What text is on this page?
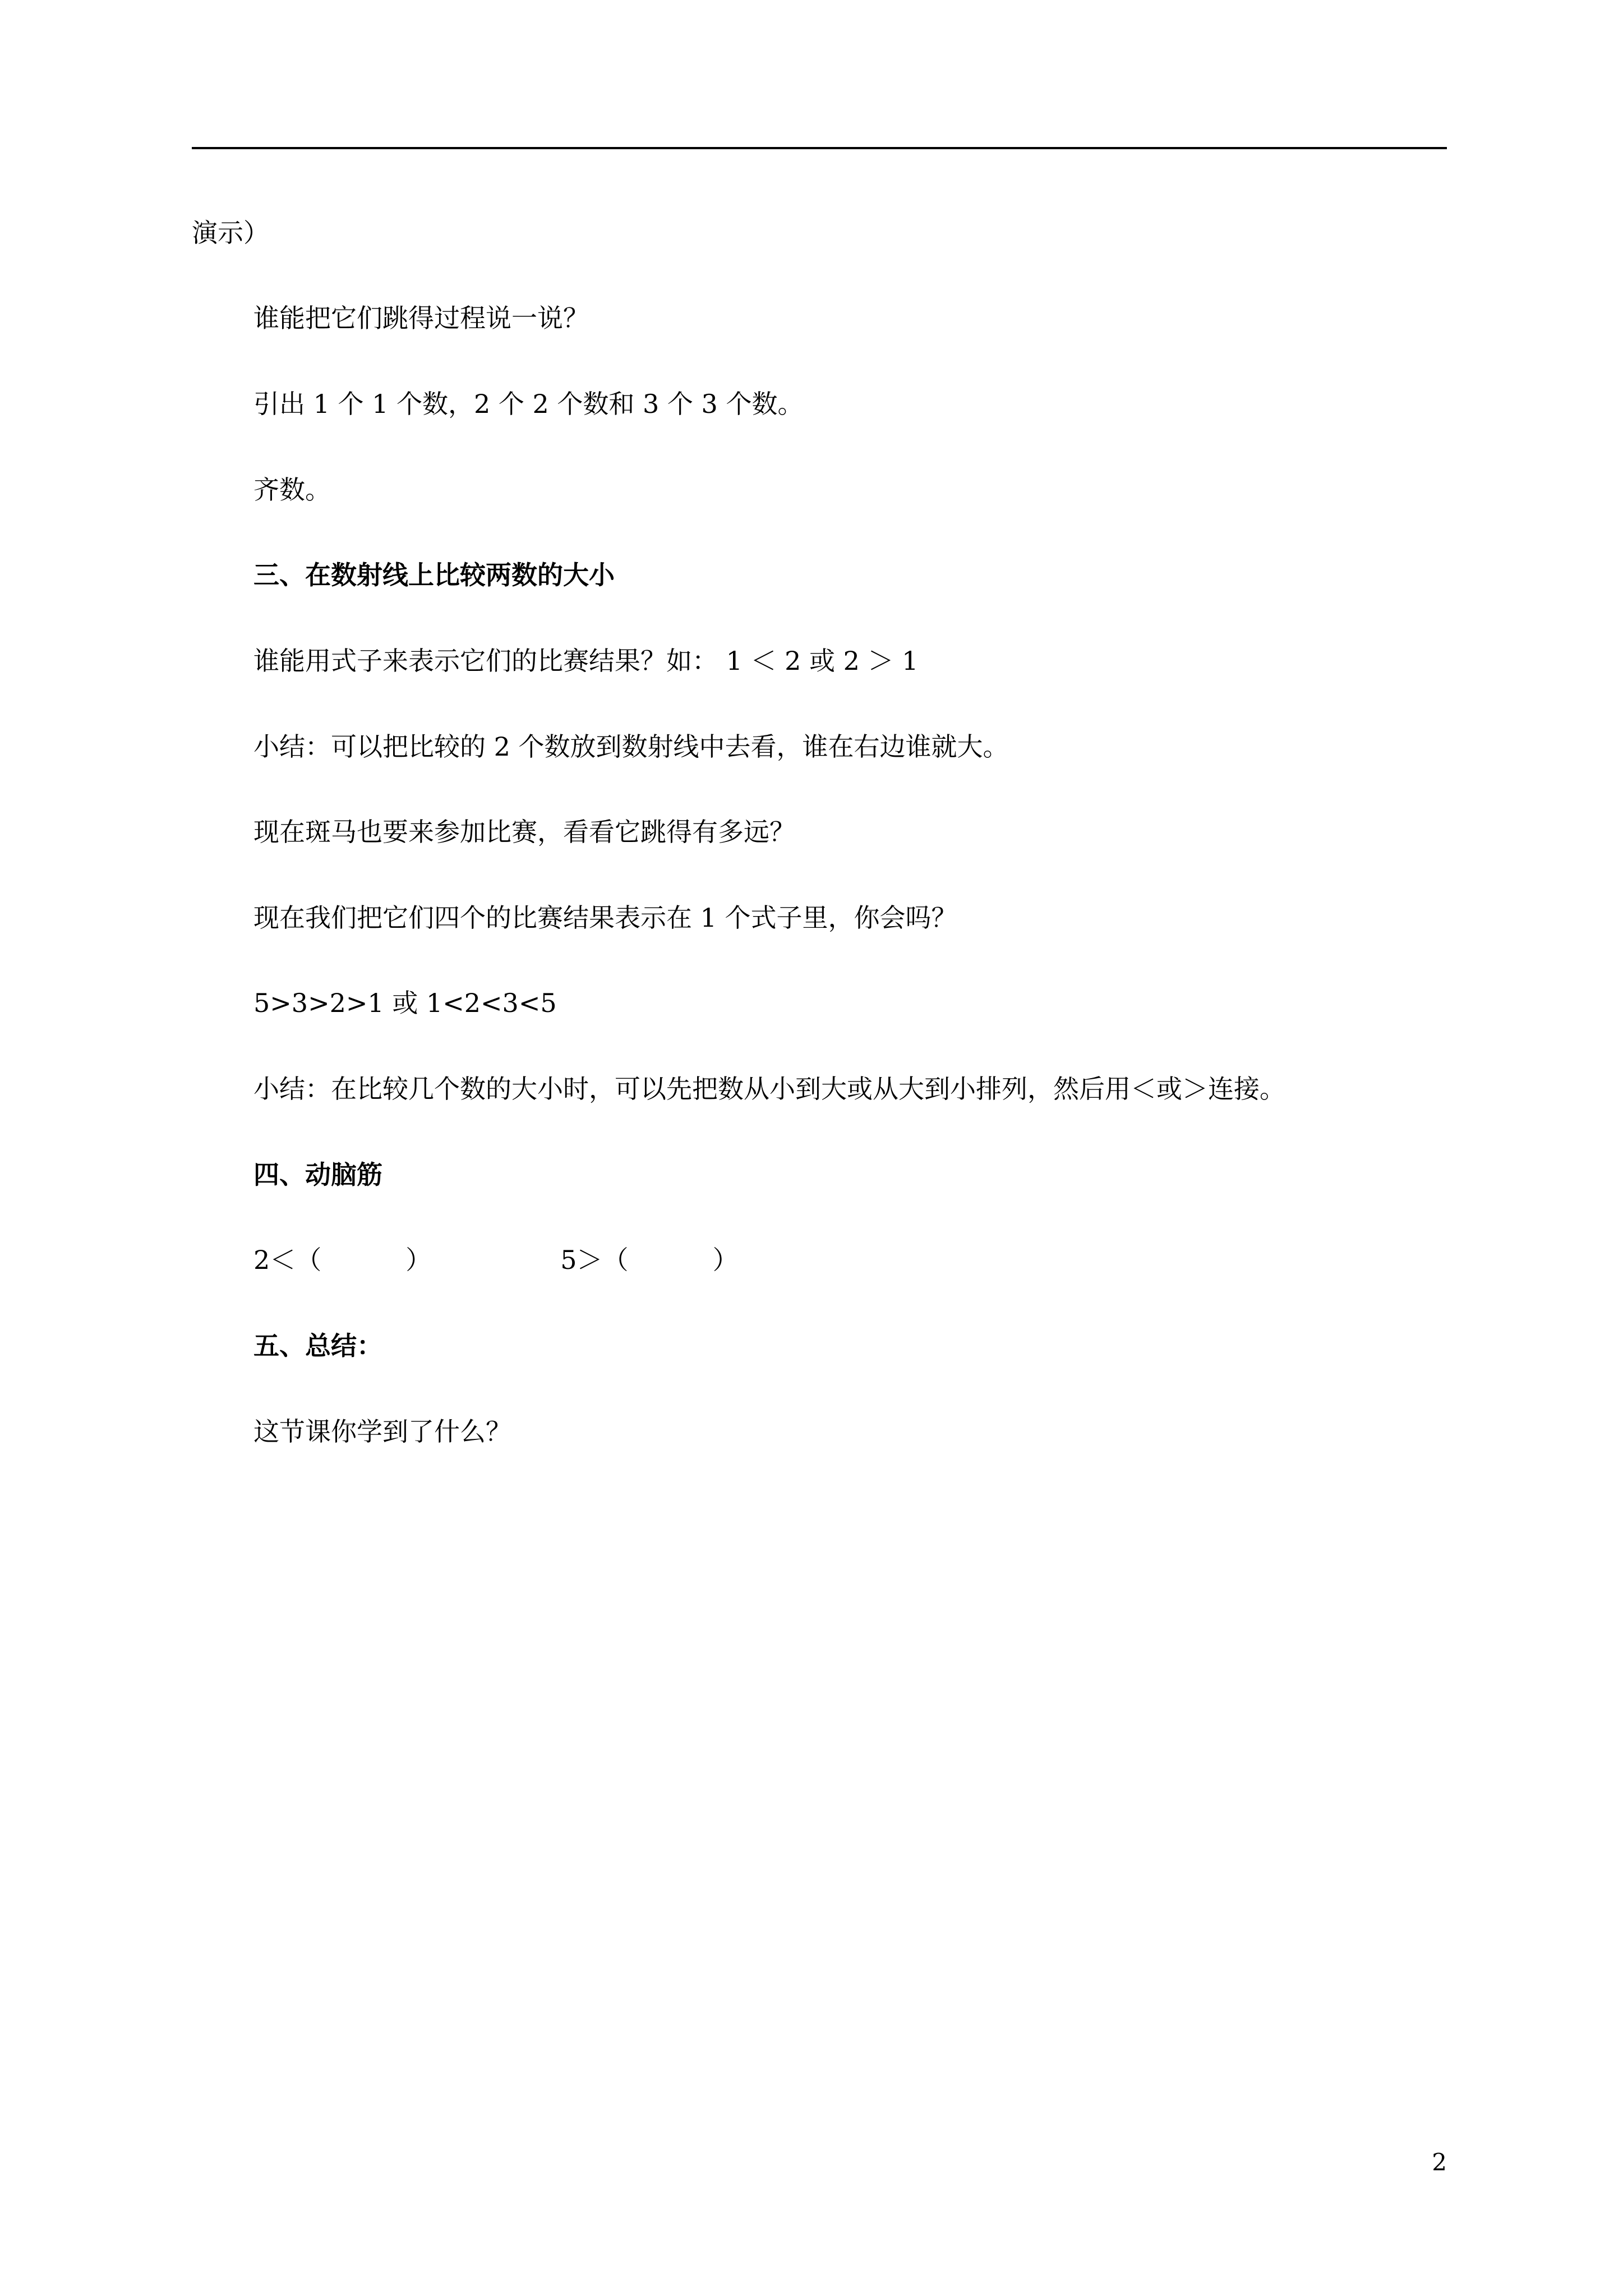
演示）
谁能把它们跳得过程说一说？
引出 1 个 1 个数，2 个 2 个数和 3 个 3 个数。
齐数。
三、在数射线上比较两数的大小
谁能用式子来表示它们的比赛结果？如： 1 ＜ 2 或 2 ＞ 1
小结：可以把比较的 2 个数放到数射线中去看，谁在右边谁就大。
现在斑马也要来参加比赛，看看它跳得有多远？
现在我们把它们四个的比赛结果表示在 1 个式子里，你会吗？
5>3>2>1 或 1<2<3<5
小结：在比较几个数的大小时，可以先把数从小到大或从大到小排列，然后用＜或＞连接。
四、动脑筋
2＜（	）	5＞（	）
五、总结：
这节课你学到了什么？
2
